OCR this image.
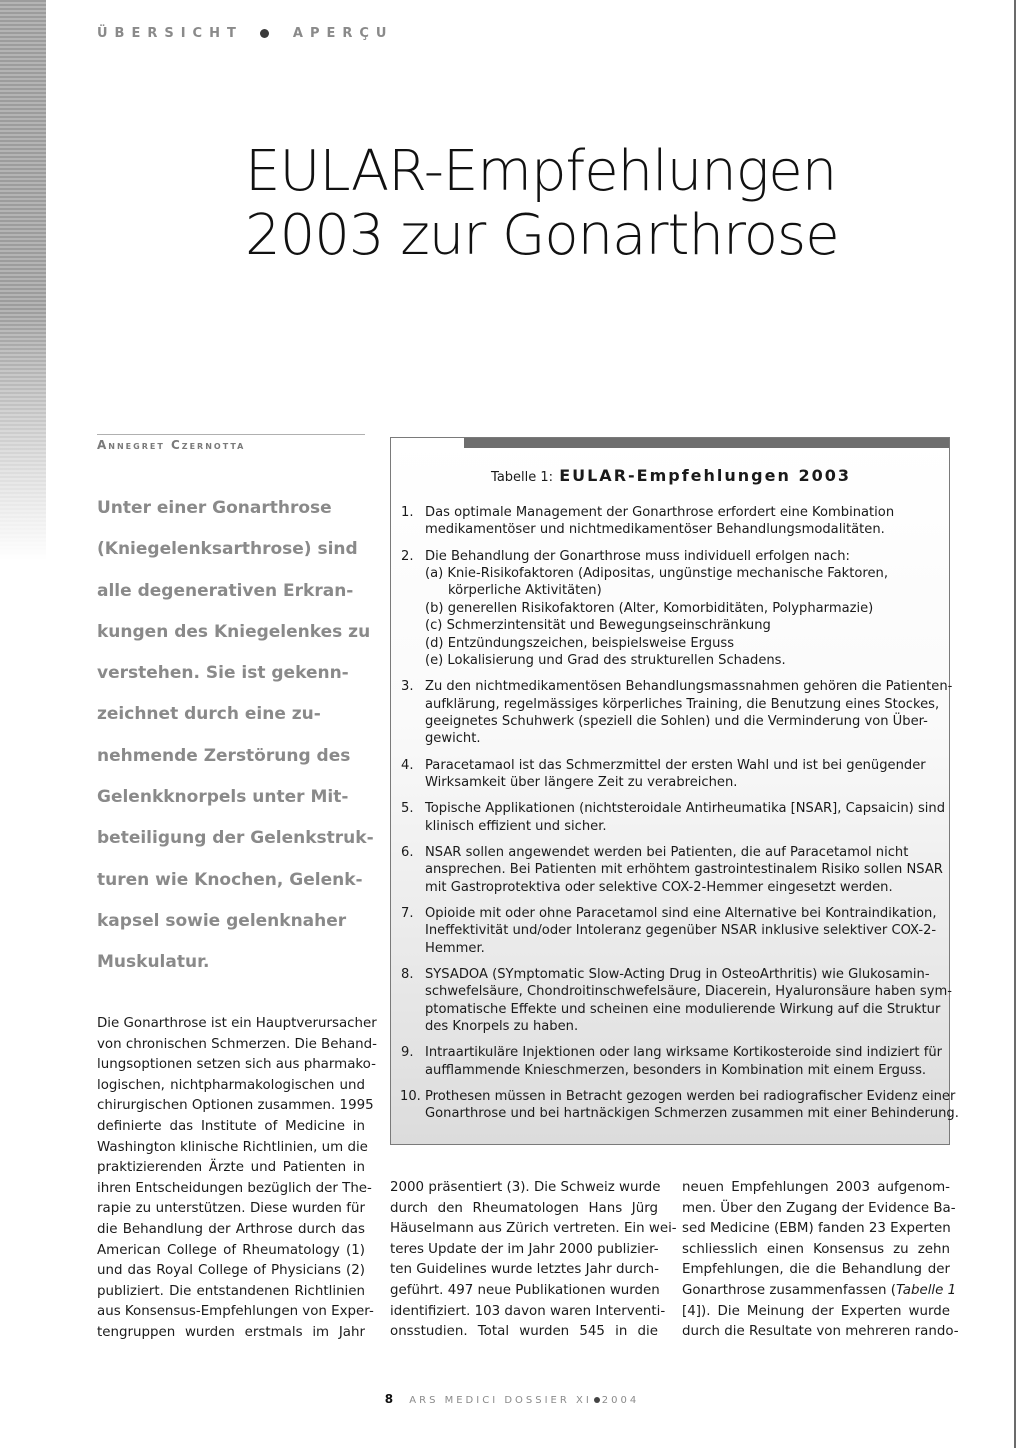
ÜBERSICHT	APERÇU
EULAR-Empfehlungen
2003 zur Gonarthrose
Annegret Czernotta
Unter einer Gonarthrose
(Kniegelenksarthrose) sind
alle degenerativen Erkran-
kungen des Kniegelenkes zu
verstehen. Sie ist gekenn-
zeichnet durch eine zu-
nehmende Zerstörung des
Gelenkknorpels unter Mit-
beteiligung der Gelenkstruk-
turen wie Knochen, Gelenk-
kapsel sowie gelenknaher
Muskulatur.
Tabelle 1: EULAR-Empfehlungen 2003
1. Das optimale Management der Gonarthrose erfordert eine Kombination
medikamentöser und nichtmedikamentöser Behandlungsmodalitäten.
2. Die Behandlung der Gonarthrose muss individuell erfolgen nach:
(a) Knie-Risikofaktoren (Adipositas, ungünstige mechanische Faktoren,
körperliche Aktivitäten)
(b) generellen Risikofaktoren (Alter, Komorbiditäten, Polypharmazie)
(c) Schmerzintensität und Bewegungseinschränkung
(d) Entzündungszeichen, beispielsweise Erguss
(e) Lokalisierung und Grad des strukturellen Schadens.
3. Zu den nichtmedikamentösen Behandlungsmassnahmen gehören die Patienten-
aufklärung, regelmässiges körperliches Training, die Benutzung eines Stockes,
geeignetes Schuhwerk (speziell die Sohlen) und die Verminderung von Über-
gewicht.
4. Paracetamaol ist das Schmerzmittel der ersten Wahl und ist bei genügender
Wirksamkeit über längere Zeit zu verabreichen.
5. Topische Applikationen (nichtsteroidale Antirheumatika [NSAR], Capsaicin) sind
klinisch effizient und sicher.
6. NSAR sollen angewendet werden bei Patienten, die auf Paracetamol nicht
ansprechen. Bei Patienten mit erhöhtem gastrointestinalem Risiko sollen NSAR
mit Gastroprotektiva oder selektive COX-2-Hemmer eingesetzt werden.
7. Opioide mit oder ohne Paracetamol sind eine Alternative bei Kontraindikation,
Ineffektivität und/oder Intoleranz gegenüber NSAR inklusive selektiver COX-2-
Hemmer.
8. SYSADOA (SYmptomatic Slow-Acting Drug in OsteoArthritis) wie Glukosamin-
schwefelsäure, Chondroitinschwefelsäure, Diacerein, Hyaluronsäure haben sym-
ptomatische Effekte und scheinen eine modulierende Wirkung auf die Struktur
des Knorpels zu haben.
9. Intraartikuläre Injektionen oder lang wirksame Kortikosteroide sind indiziert für
aufflammende Knieschmerzen, besonders in Kombination mit einem Erguss.
10. Prothesen müssen in Betracht gezogen werden bei radiografischer Evidenz einer
Gonarthrose und bei hartnäckigen Schmerzen zusammen mit einer Behinderung.
Die Gonarthrose ist ein Hauptverursacher
von chronischen Schmerzen. Die Behand-
lungsoptionen setzen sich aus pharmako-
logischen, nichtpharmakologischen und
chirurgischen Optionen zusammen. 1995
definierte das Institute of Medicine in
Washington klinische Richtlinien, um die
praktizierenden Ärzte und Patienten in
ihren Entscheidungen bezüglich der The-
rapie zu unterstützen. Diese wurden für
die Behandlung der Arthrose durch das
American College of Rheumatology (1)
und das Royal College of Physicians (2)
publiziert. Die entstandenen Richtlinien
aus Konsensus-Empfehlungen von Exper-
tengruppen wurden erstmals im Jahr
2000 präsentiert (3). Die Schweiz wurde
durch den Rheumatologen Hans Jürg
Häuselmann aus Zürich vertreten. Ein wei-
teres Update der im Jahr 2000 publizier-
ten Guidelines wurde letztes Jahr durch-
geführt. 497 neue Publikationen wurden
identifiziert. 103 davon waren Interventi-
onsstudien. Total wurden 545 in die
neuen Empfehlungen 2003 aufgenom-
men. Über den Zugang der Evidence Ba-
sed Medicine (EBM) fanden 23 Experten
schliesslich einen Konsensus zu zehn
Empfehlungen, die die Behandlung der
Gonarthrose zusammenfassen (Tabelle 1
[4]). Die Meinung der Experten wurde
durch die Resultate von mehreren rando-
8 ARS MEDICI DOSSIER XI 2004
